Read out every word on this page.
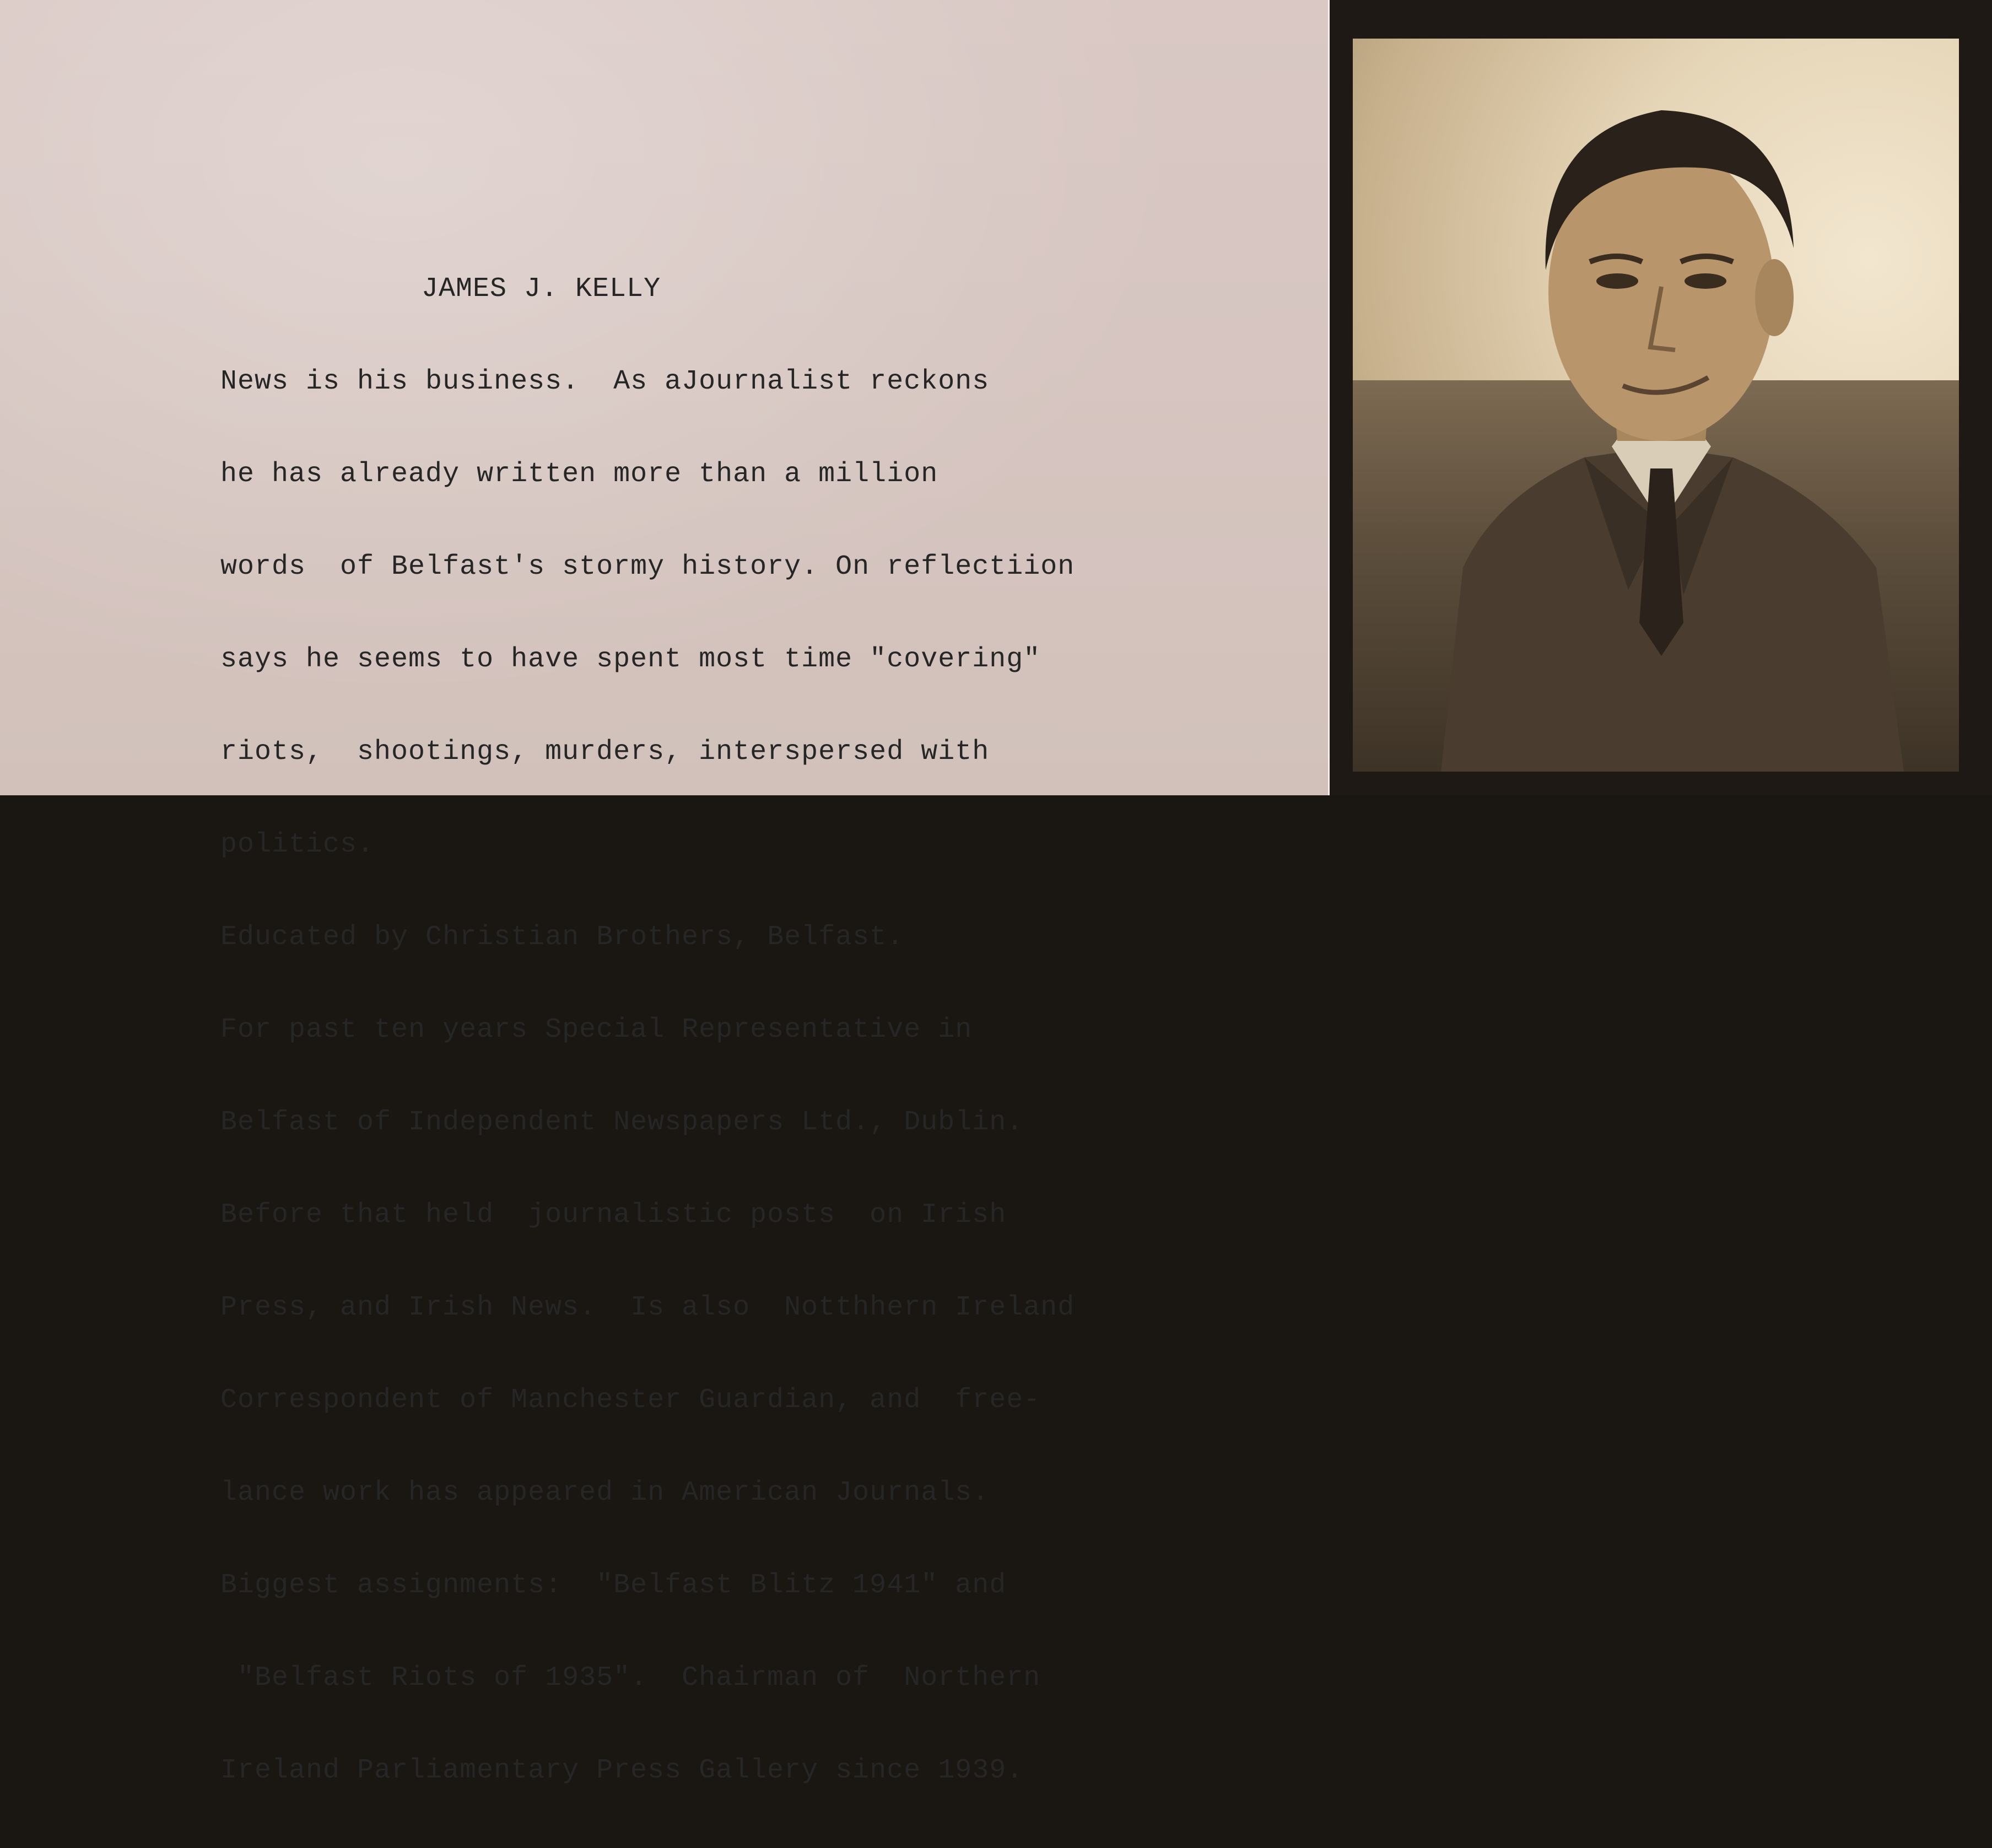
JAMES J. KELLY

News is his business.  As aJournalist reckons

he has already written more than a million

words  of Belfast's stormy history. On reflectiion

says he seems to have spent most time "covering"

riots,  shootings, murders, interspersed with

politics.

Educated by Christian Brothers, Belfast.

For past ten years Special Representative in

Belfast of Independent Newspapers Ltd., Dublin.

Before that held  journalistic posts  on Irish

Press, and Irish News.  Is also  Notthhern Ireland

Correspondent of Manchester Guardian, and  free-

lance work has appeared in American Journals.

Biggest assignments:  "Belfast Blitz 1941" and

"Belfast Riots of 1935".  Chairman of  Northern

Ireland Parliamentary Press Gallery since 1939.
